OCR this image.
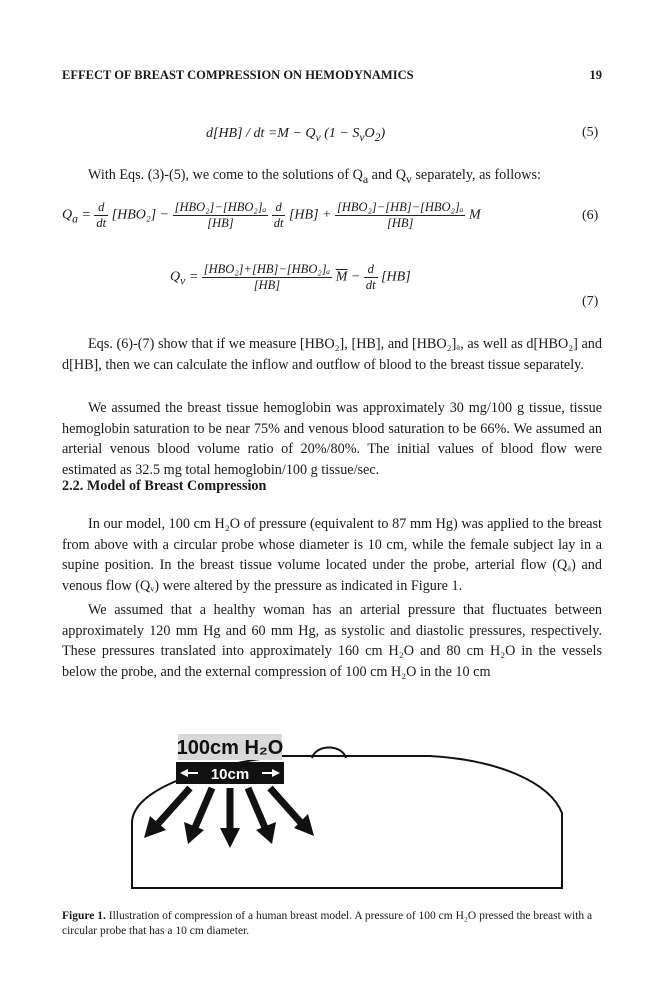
EFFECT OF BREAST COMPRESSION ON HEMODYNAMICS	19
d[HB] / dt $=M - Q_v$ $(1 - S_vO_2)$	(5)

With Eqs. (3)-(5), we come to the solutions of $Q_a$ and $Q_v$ separately, as follows:

$Q_a = \frac{d}{dt} [HBO_2] - \frac{\text{[HBO₂]−[HBO₂]ₐ}}{[HB]}$
$\frac{d}{dt} [HB] + \frac{\text{[HBO₂]−[HB]−[HBO₂]ₐ}}{[HB]}$ M	(6)
$Q_v = \frac{\text{[HBO₂]+[HB]−[HBO₂]ₐ}}{[HB]} \overline{M} - \frac{d}{dt} [HB]$
(7)

Eqs. (6)-(7) show that if we measure [HBO₂], [HB], and [HBO₂]ₐ, as well as d[HBO₂] and d[HB], then we can calculate the inflow and outflow of blood to the breast tissue separately.

We assumed the breast tissue hemoglobin was approximately 30 mg/100 g tissue, tissue hemoglobin saturation to be near 75% and venous blood saturation to be 66%. We assumed an arterial venous blood volume ratio of 20%/80%. The initial values of blood flow were estimated as 32.5 mg total hemoglobin/100 g tissue/sec.

2.2. Model of Breast Compression

In our model, 100 cm H₂O of pressure (equivalent to 87 mm Hg) was applied to the breast from above with a circular probe whose diameter is 10 cm, while the female subject lay in a supine position. In the breast tissue volume located under the probe, arterial flow (Qₐ) and venous flow (Qᵥ) were altered by the pressure as indicated in Figure 1.

We assumed that a healthy woman has an arterial pressure that fluctuates between approximately 120 mm Hg and 60 mm Hg, as systolic and diastolic pressures, respectively. These pressures translated into approximately 160 cm H₂O and 80 cm H₂O in the vessels below the probe, and the external compression of 100 cm H₂O in the 10 cm

100cm H₂O
10cm
Figure 1. Illustration of compression of a human breast model. A pressure of 100 cm H₂O pressed the breast with a circular probe that has a 10 cm diameter.
